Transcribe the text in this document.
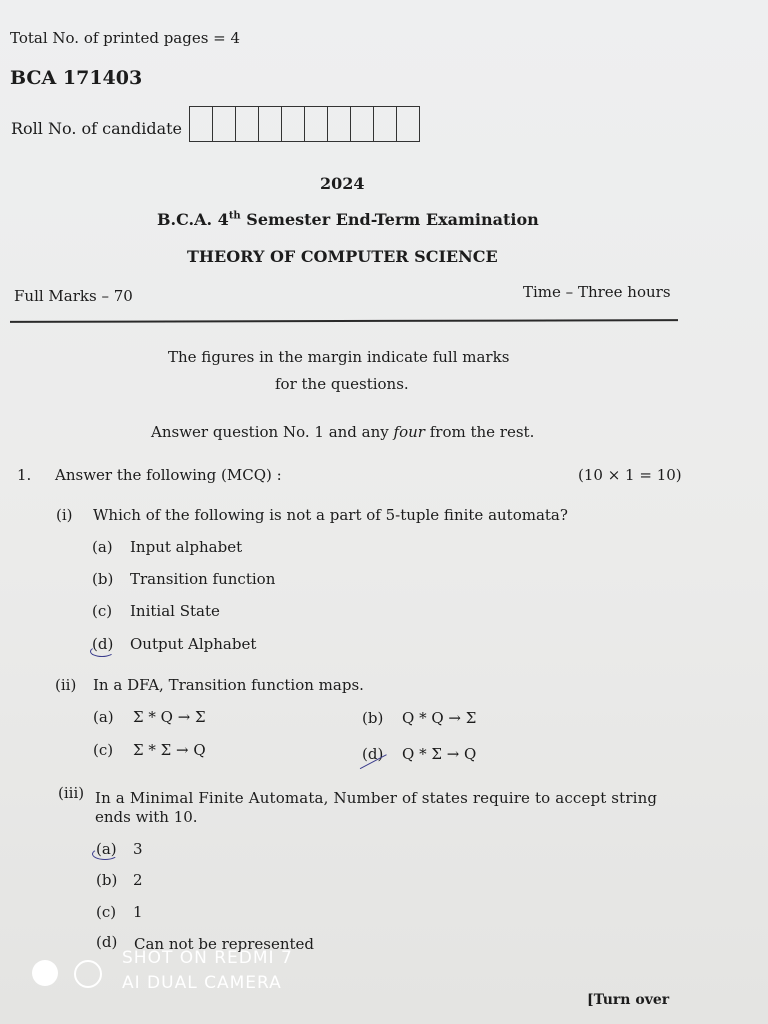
Total No. of printed pages = 4
BCA 171403
Roll No. of candidate
2024
B.C.A. 4th Semester End-Term Examination
THEORY OF COMPUTER SCIENCE
Full Marks – 70	Time – Three hours
The figures in the margin indicate full marks
for the questions.
Answer question No. 1 and any four from the rest.
1. Answer the following (MCQ) :	(10 × 1 = 10)
(i) Which of the following is not a part of 5-tuple finite automata?
(a) Input alphabet
(b) Transition function
(c) Initial State
(d) Output Alphabet
(ii) In a DFA, Transition function maps.
(a) Σ * Q → Σ	(b) Q * Q → Σ
(c) Σ * Σ → Q	(d) Q * Σ → Q
(iii) In a Minimal Finite Automata, Number of states require to accept string
ends with 10.
(a) 3
(b) 2
(c) 1
(d) Can not be represented
[Turn over
SHOT ON REDMI 7
AI DUAL CAMERA
